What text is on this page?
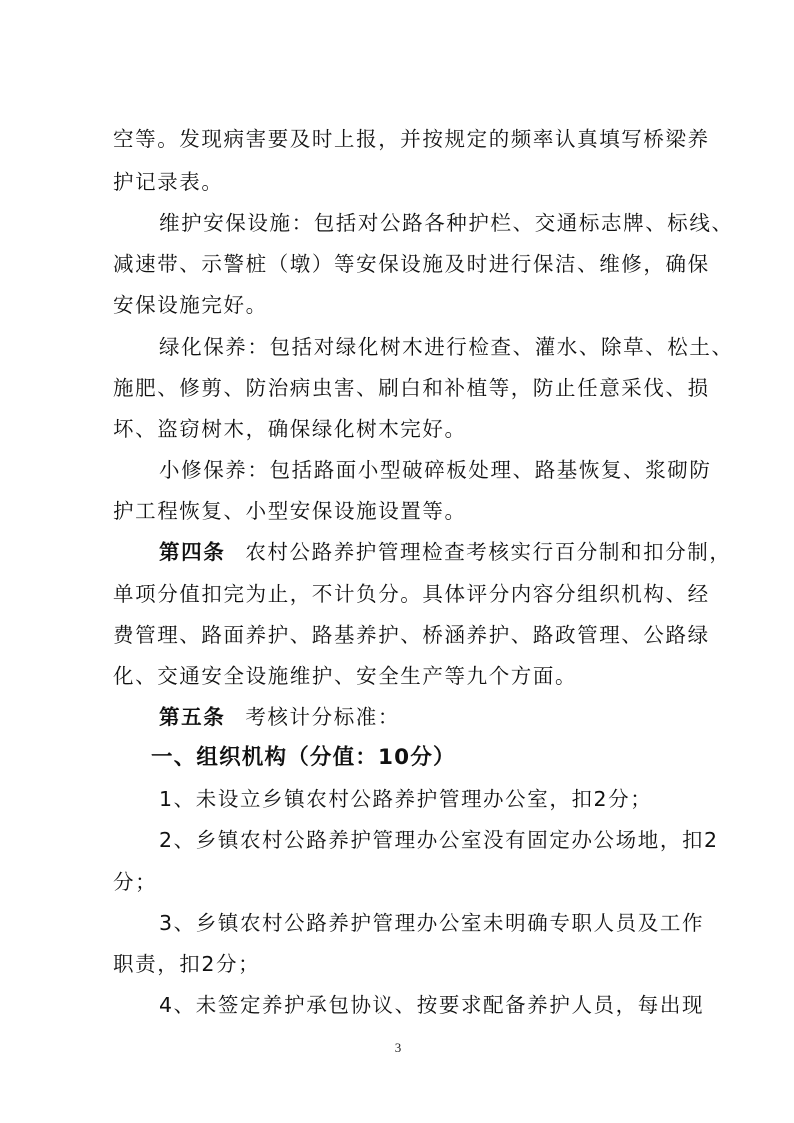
空等。发现病害要及时上报，并按规定的频率认真填写桥梁养
护记录表。
维护安保设施：包括对公路各种护栏、交通标志牌、标线、
减速带、示警桩（墩）等安保设施及时进行保洁、维修，确保
安保设施完好。
绿化保养：包括对绿化树木进行检查、灌水、除草、松土、
施肥、修剪、防治病虫害、刷白和补植等，防止任意采伐、损
坏、盗窃树木，确保绿化树木完好。
小修保养：包括路面小型破碎板处理、路基恢复、浆砌防
护工程恢复、小型安保设施设置等。
第四条 农村公路养护管理检查考核实行百分制和扣分制，
单项分值扣完为止，不计负分。具体评分内容分组织机构、经
费管理、路面养护、路基养护、桥涵养护、路政管理、公路绿
化、交通安全设施维护、安全生产等九个方面。
第五条 考核计分标准：
一、组织机构（分值：10分）
1、未设立乡镇农村公路养护管理办公室，扣2分；
2、乡镇农村公路养护管理办公室没有固定办公场地，扣2
分；
3、乡镇农村公路养护管理办公室未明确专职人员及工作
职责，扣2分；
4、未签定养护承包协议、按要求配备养护人员，每出现
3
